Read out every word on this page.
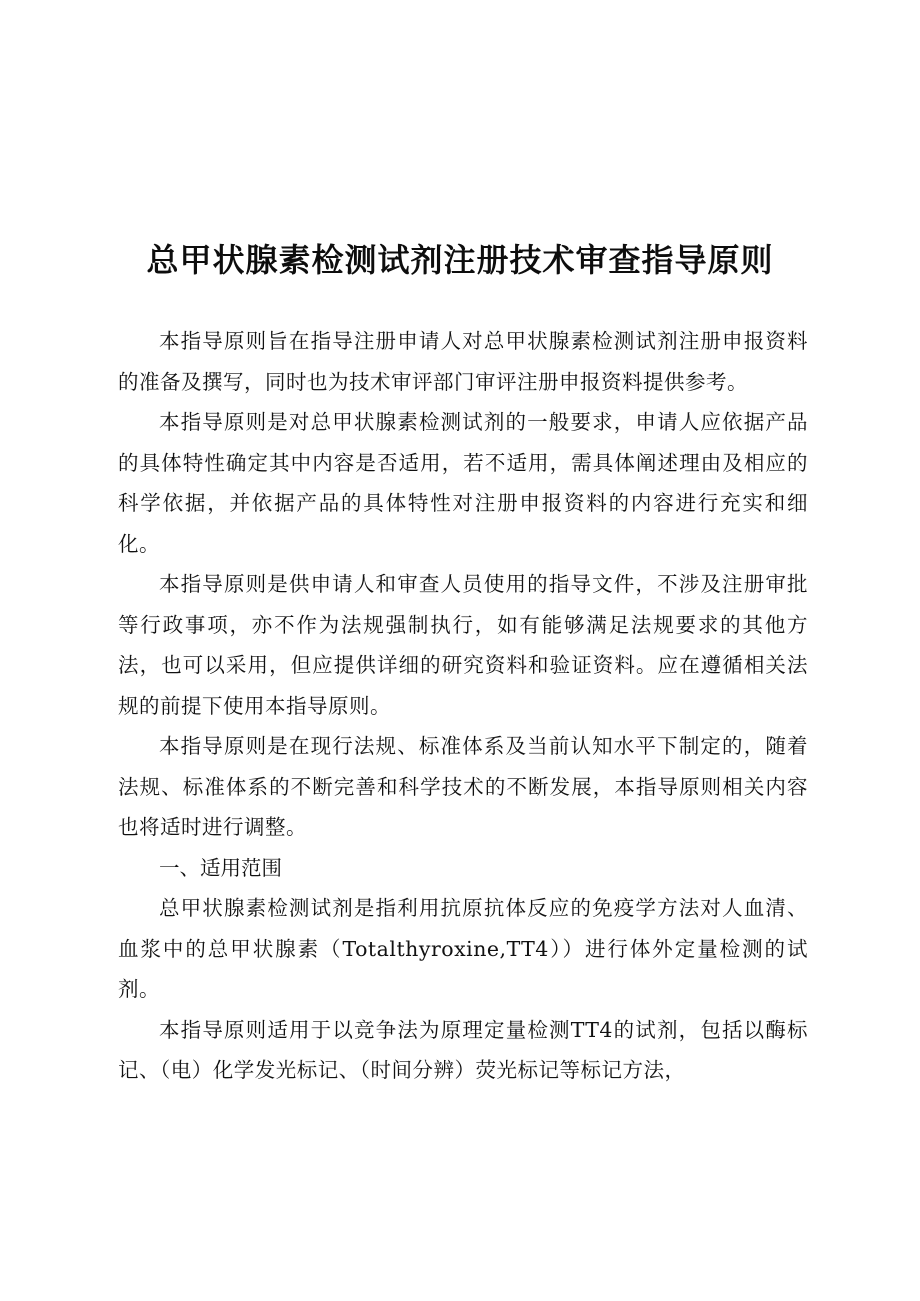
总甲状腺素检测试剂注册技术审查指导原则

本指导原则旨在指导注册申请人对总甲状腺素检测试剂注册申报资料的准备及撰写，同时也为技术审评部门审评注册申报资料提供参考。

本指导原则是对总甲状腺素检测试剂的一般要求，申请人应依据产品的具体特性确定其中内容是否适用，若不适用，需具体阐述理由及相应的科学依据，并依据产品的具体特性对注册申报资料的内容进行充实和细化。

本指导原则是供申请人和审查人员使用的指导文件，不涉及注册审批等行政事项，亦不作为法规强制执行，如有能够满足法规要求的其他方法，也可以采用，但应提供详细的研究资料和验证资料。应在遵循相关法规的前提下使用本指导原则。

本指导原则是在现行法规、标准体系及当前认知水平下制定的，随着法规、标准体系的不断完善和科学技术的不断发展，本指导原则相关内容也将适时进行调整。

一、适用范围

总甲状腺素检测试剂是指利用抗原抗体反应的免疫学方法对人血清、血浆中的总甲状腺素（Totalthyroxine,TT4））进行体外定量检测的试剂。

本指导原则适用于以竞争法为原理定量检测TT4的试剂，包括以酶标记、（电）化学发光标记、（时间分辨）荧光标记等标记方法，
